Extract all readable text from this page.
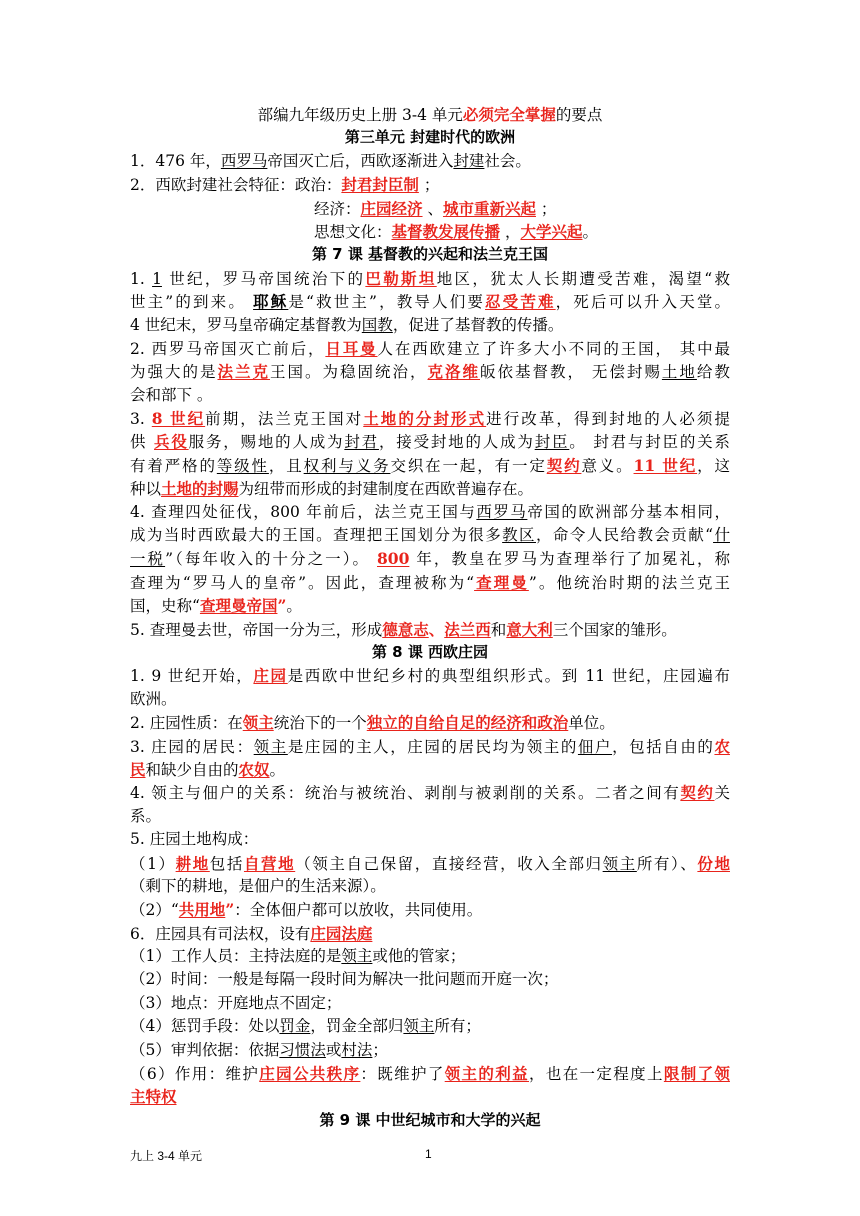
部编九年级历史上册 3-4 单元必须完全掌握的要点
第三单元 封建时代的欧洲
1．476 年，西罗马帝国灭亡后，西欧逐渐进入封建社会。
2．西欧封建社会特征：政治：封君封臣制 ；
经济：庄园经济 、城市重新兴起 ；
思想文化：基督教发展传播 ，大学兴起。
第 7 课 基督教的兴起和法兰克王国
1. 1 世纪，罗马帝国统治下的巴勒斯坦地区，犹太人长期遭受苦难，渴望“救
世主”的到来。 耶稣是“救世主”，教导人们要忍受苦难，死后可以升入天堂。
4 世纪末，罗马皇帝确定基督教为国教，促进了基督教的传播。
2. 西罗马帝国灭亡前后，日耳曼人在西欧建立了许多大小不同的王国， 其中最
为强大的是法兰克王国。为稳固统治，克洛维皈依基督教， 无偿封赐土地给教
会和部下 。
3. 8 世纪前期，法兰克王国对土地的分封形式进行改革，得到封地的人必须提
供 兵役服务，赐地的人成为封君，接受封地的人成为封臣。 封君与封臣的关系
有着严格的等级性，且权利与义务交织在一起，有一定契约意义。11 世纪，这
种以土地的封赐为纽带而形成的封建制度在西欧普遍存在。
4. 查理四处征伐，800 年前后，法兰克王国与西罗马帝国的欧洲部分基本相同，
成为当时西欧最大的王国。查理把王国划分为很多教区，命令人民给教会贡献“什
一税”（每年收入的十分之一）。 800 年，教皇在罗马为查理举行了加冕礼，称
查理为“罗马人的皇帝”。因此，查理被称为“查理曼”。他统治时期的法兰克王
国，史称“查理曼帝国”。
5. 查理曼去世，帝国一分为三，形成德意志、法兰西和意大利三个国家的雏形。
第 8 课 西欧庄园
1. 9 世纪开始，庄园是西欧中世纪乡村的典型组织形式。到 11 世纪，庄园遍布
欧洲。
2. 庄园性质：在领主统治下的一个独立的自给自足的经济和政治单位。
3. 庄园的居民：领主是庄园的主人，庄园的居民均为领主的佃户，包括自由的农
民和缺少自由的农奴。
4. 领主与佃户的关系：统治与被统治、剥削与被剥削的关系。二者之间有契约关
系。
5. 庄园土地构成：
（1）耕地包括自营地（领主自己保留，直接经营，收入全部归领主所有）、份地
（剩下的耕地，是佃户的生活来源）。
（2）“共用地”：全体佃户都可以放收，共同使用。
6．庄园具有司法权，设有庄园法庭
（1）工作人员：主持法庭的是领主或他的管家；
（2）时间：一般是每隔一段时间为解决一批问题而开庭一次；
（3）地点：开庭地点不固定；
（4）惩罚手段：处以罚金，罚金全部归领主所有；
（5）审判依据：依据习惯法或村法；
（6）作用：维护庄园公共秩序：既维护了领主的利益，也在一定程度上限制了领
主特权
第 9 课 中世纪城市和大学的兴起
九上 3-4 单元	1
